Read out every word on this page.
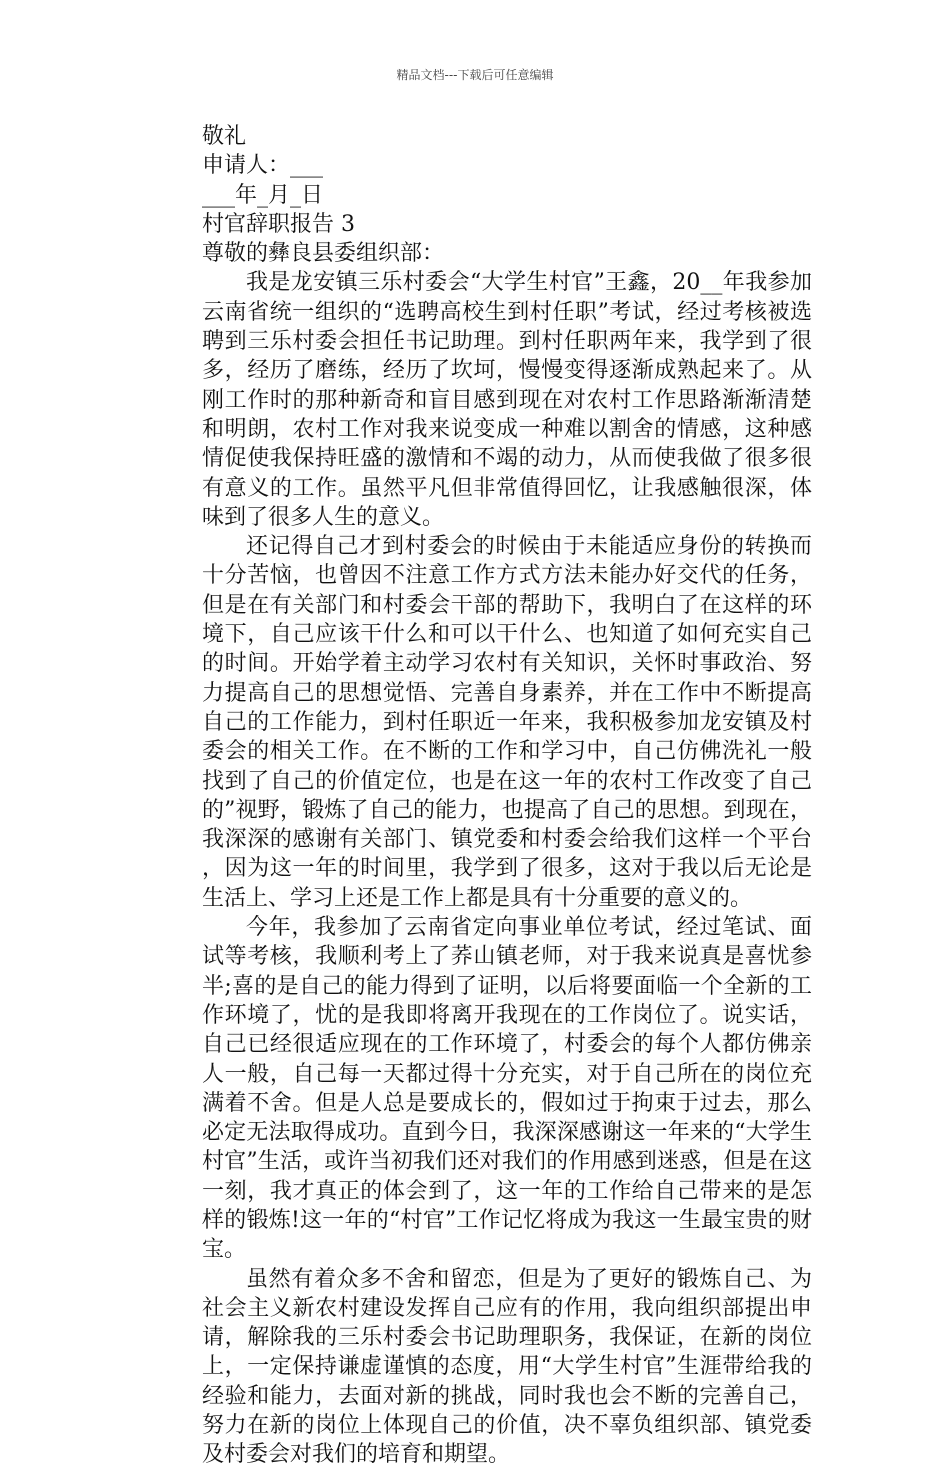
精品文档---下载后可任意编辑

敬礼

申请人：___

___年_月_日

村官辞职报告 3

尊敬的彝良县委组织部：

我是龙安镇三乐村委会“大学生村官”王鑫，20__年我参加云南省统一组织的“选聘高校生到村任职”考试，经过考核被选聘到三乐村委会担任书记助理。到村任职两年来，我学到了很多，经历了磨练，经历了坎坷，慢慢变得逐渐成熟起来了。从刚工作时的那种新奇和盲目感到现在对农村工作思路渐渐清楚和明朗，农村工作对我来说变成一种难以割舍的情感，这种感情促使我保持旺盛的激情和不竭的动力，从而使我做了很多很有意义的工作。虽然平凡但非常值得回忆，让我感触很深，体味到了很多人生的意义。

还记得自己才到村委会的时候由于未能适应身份的转换而十分苦恼，也曾因不注意工作方式方法未能办好交代的任务，但是在有关部门和村委会干部的帮助下，我明白了在这样的环境下，自己应该干什么和可以干什么、也知道了如何充实自己的时间。开始学着主动学习农村有关知识，关怀时事政治、努力提高自己的思想觉悟、完善自身素养，并在工作中不断提高自己的工作能力，到村任职近一年来，我积极参加龙安镇及村委会的相关工作。在不断的工作和学习中，自己仿佛洗礼一般找到了自己的价值定位，也是在这一年的农村工作改变了自己的”视野，锻炼了自己的能力，也提高了自己的思想。到现在，我深深的感谢有关部门、镇党委和村委会给我们这样一个平台，因为这一年的时间里，我学到了很多，这对于我以后无论是生活上、学习上还是工作上都是具有十分重要的意义的。

今年，我参加了云南省定向事业单位考试，经过笔试、面试等考核，我顺利考上了荞山镇老师，对于我来说真是喜忧参半;喜的是自己的能力得到了证明，以后将要面临一个全新的工作环境了，忧的是我即将离开我现在的工作岗位了。说实话，自己已经很适应现在的工作环境了，村委会的每个人都仿佛亲人一般，自己每一天都过得十分充实，对于自己所在的岗位充满着不舍。但是人总是要成长的，假如过于拘束于过去，那么必定无法取得成功。直到今日，我深深感谢这一年来的“大学生村官”生活，或许当初我们还对我们的作用感到迷惑，但是在这一刻，我才真正的体会到了，这一年的工作给自己带来的是怎样的锻炼!这一年的“村官”工作记忆将成为我这一生最宝贵的财宝。

虽然有着众多不舍和留恋，但是为了更好的锻炼自己、为社会主义新农村建设发挥自己应有的作用，我向组织部提出申请，解除我的三乐村委会书记助理职务，我保证，在新的岗位上，一定保持谦虚谨慎的态度，用“大学生村官”生涯带给我的经验和能力，去面对新的挑战，同时我也会不断的完善自己，努力在新的岗位上体现自己的价值，决不辜负组织部、镇党委及村委会对我们的培育和期望。
